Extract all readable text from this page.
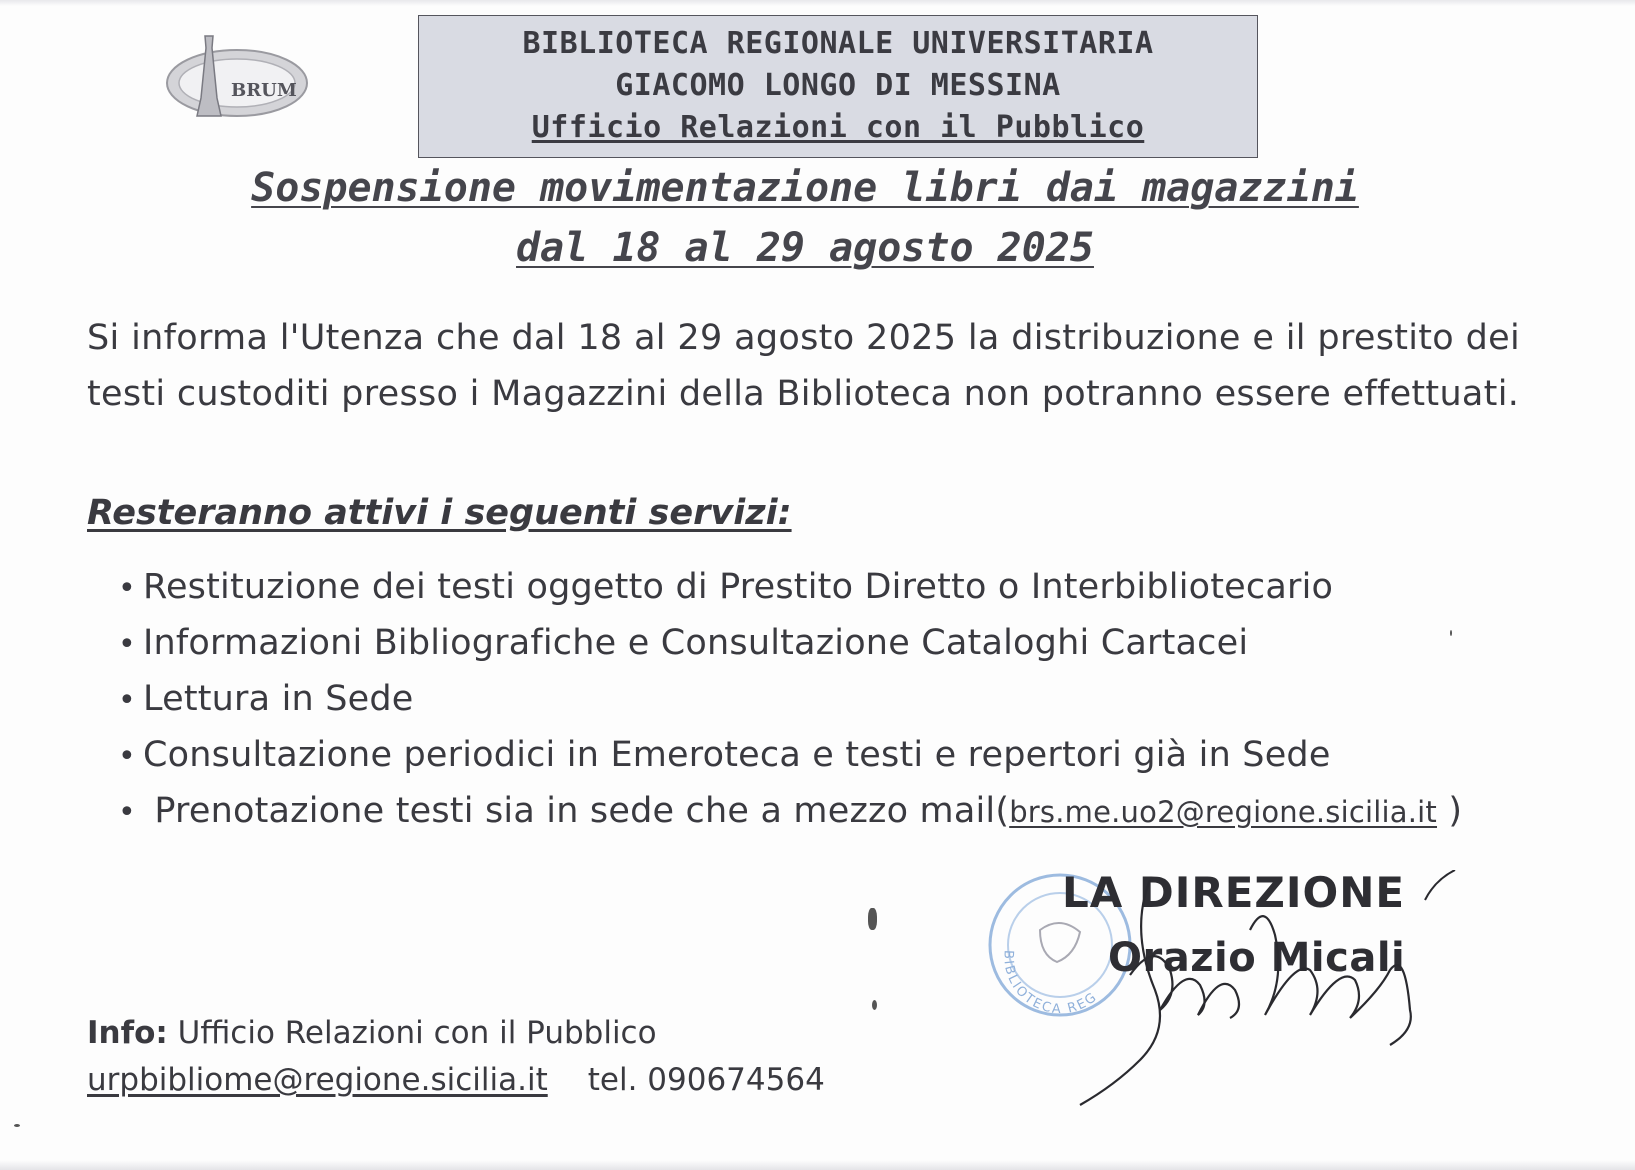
BRUM
BIBLIOTECA REGIONALE UNIVERSITARIA
GIACOMO LONGO DI MESSINA
Ufficio Relazioni con il Pubblico
Sospensione movimentazione libri dai magazzini
dal 18 al 29 agosto 2025
Si informa l'Utenza che dal 18 al 29 agosto 2025 la distribuzione e il prestito dei testi custoditi presso i Magazzini della Biblioteca non potranno essere effettuati.
Resteranno attivi i seguenti servizi:
• Restituzione dei testi oggetto di Prestito Diretto o Interbibliotecario
• Informazioni Bibliografiche e Consultazione Cataloghi Cartacei
• Lettura in Sede
• Consultazione periodici in Emeroteca e testi e repertori già in Sede
• Prenotazione testi sia in sede che a mezzo mail(brs.me.uo2@regione.sicilia.it )
BIBLIOTECA REG
LA DIREZIONE
Orazio Micali
Info: Ufficio Relazioni con il Pubblico
urpbibliome@regione.sicilia.it tel. 090674564
